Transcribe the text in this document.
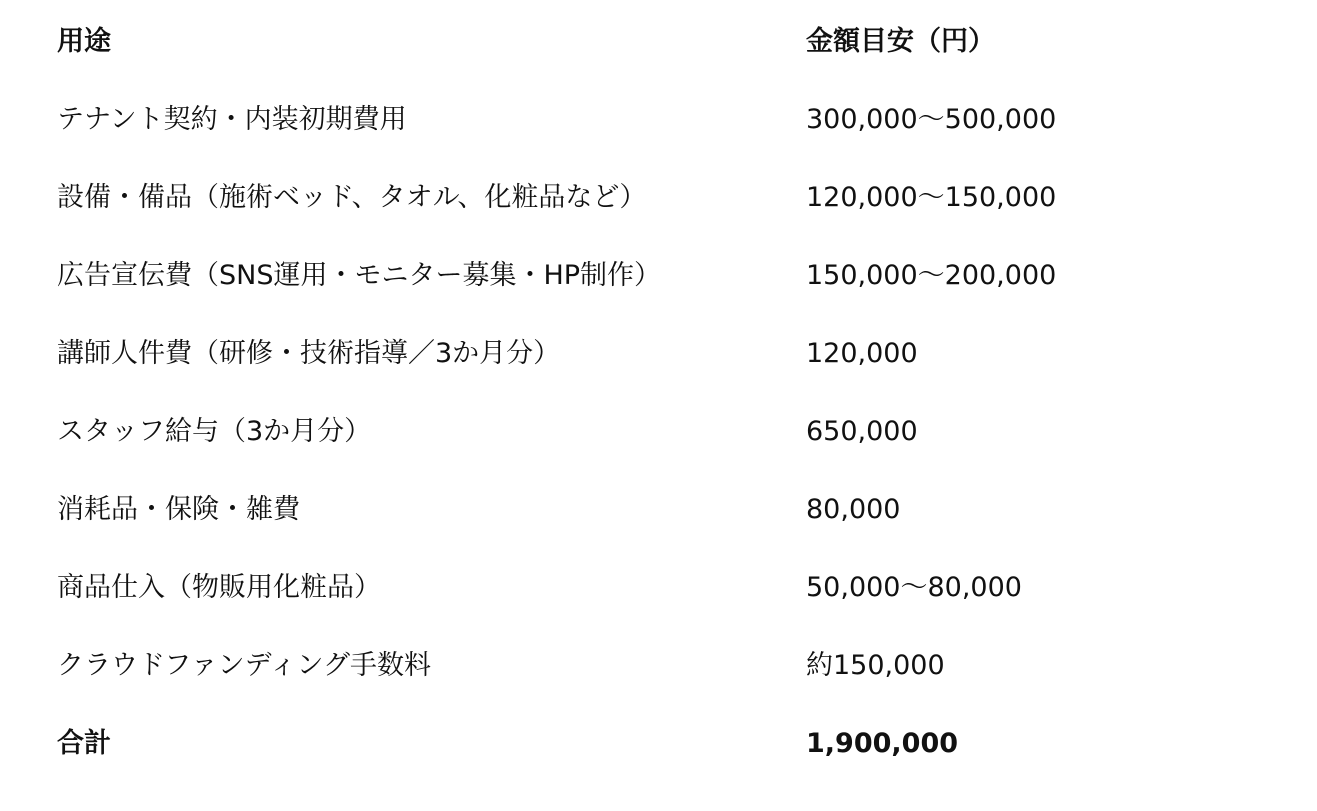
用途	金額目安（円）
テナント契約・内装初期費用	300,000〜500,000
設備・備品（施術ベッド、タオル、化粧品など）	120,000〜150,000
広告宣伝費（SNS運用・モニター募集・HP制作）	150,000〜200,000
講師人件費（研修・技術指導／3か月分）	120,000
スタッフ給与（3か月分）	650,000
消耗品・保険・雑費	80,000
商品仕入（物販用化粧品）	50,000〜80,000
クラウドファンディング手数料	約150,000
合計	1,900,000
